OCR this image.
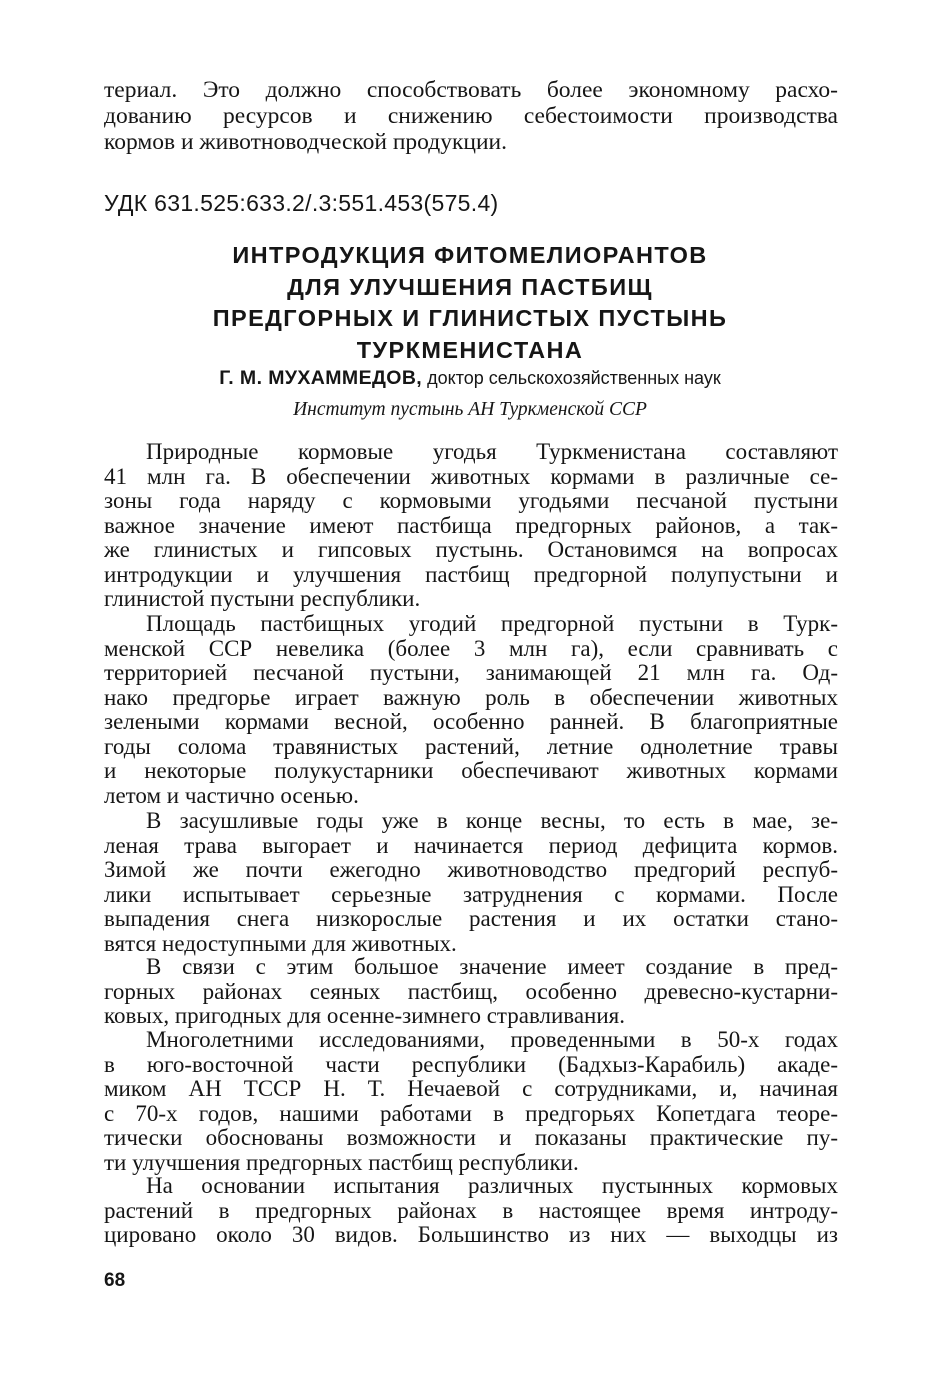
териал. Это должно способствовать более экономному расхо-
дованию ресурсов и снижению себестоимости производства
кормов и животноводческой продукции.
УДК 631.525:633.2/.3:551.453(575.4)
ИНТРОДУКЦИЯ ФИТОМЕЛИОРАНТОВ
ДЛЯ УЛУЧШЕНИЯ ПАСТБИЩ
ПРЕДГОРНЫХ И ГЛИНИСТЫХ ПУСТЫНЬ
ТУРКМЕНИСТАНА
Г. М. МУХАММЕДОВ, доктор сельскохозяйственных наук
Институт пустынь АН Туркменской ССР
Природные кормовые угодья Туркменистана составляют
41 млн га. В обеспечении животных кормами в различные се-
зоны года наряду с кормовыми угодьями песчаной пустыни
важное значение имеют пастбища предгорных районов, а так-
же глинистых и гипсовых пустынь. Остановимся на вопросах
интродукции и улучшения пастбищ предгорной полупустыни и
глинистой пустыни республики.
Площадь пастбищных угодий предгорной пустыни в Турк-
менской ССР невелика (более 3 млн га), если сравнивать с
территорией песчаной пустыни, занимающей 21 млн га. Од-
нако предгорье играет важную роль в обеспечении животных
зелеными кормами весной, особенно ранней. В благоприятные
годы солома травянистых растений, летние однолетние травы
и некоторые полукустарники обеспечивают животных кормами
летом и частично осенью.
В засушливые годы уже в конце весны, то есть в мае, зе-
леная трава выгорает и начинается период дефицита кормов.
Зимой же почти ежегодно животноводство предгорий респуб-
лики испытывает серьезные затруднения с кормами. После
выпадения снега низкорослые растения и их остатки стано-
вятся недоступными для животных.
В связи с этим большое значение имеет создание в пред-
горных районах сеяных пастбищ, особенно древесно-кустарни-
ковых, пригодных для осенне-зимнего стравливания.
Многолетними исследованиями, проведенными в 50-х годах
в юго-восточной части республики (Бадхыз-Карабиль) акаде-
миком АН ТССР Н. Т. Нечаевой с сотрудниками, и, начиная
с 70-х годов, нашими работами в предгорьях Копетдага теоре-
тически обоснованы возможности и показаны практические пу-
ти улучшения предгорных пастбищ республики.
На основании испытания различных пустынных кормовых
растений в предгорных районах в настоящее время интроду-
цировано около 30 видов. Большинство из них — выходцы из
68
